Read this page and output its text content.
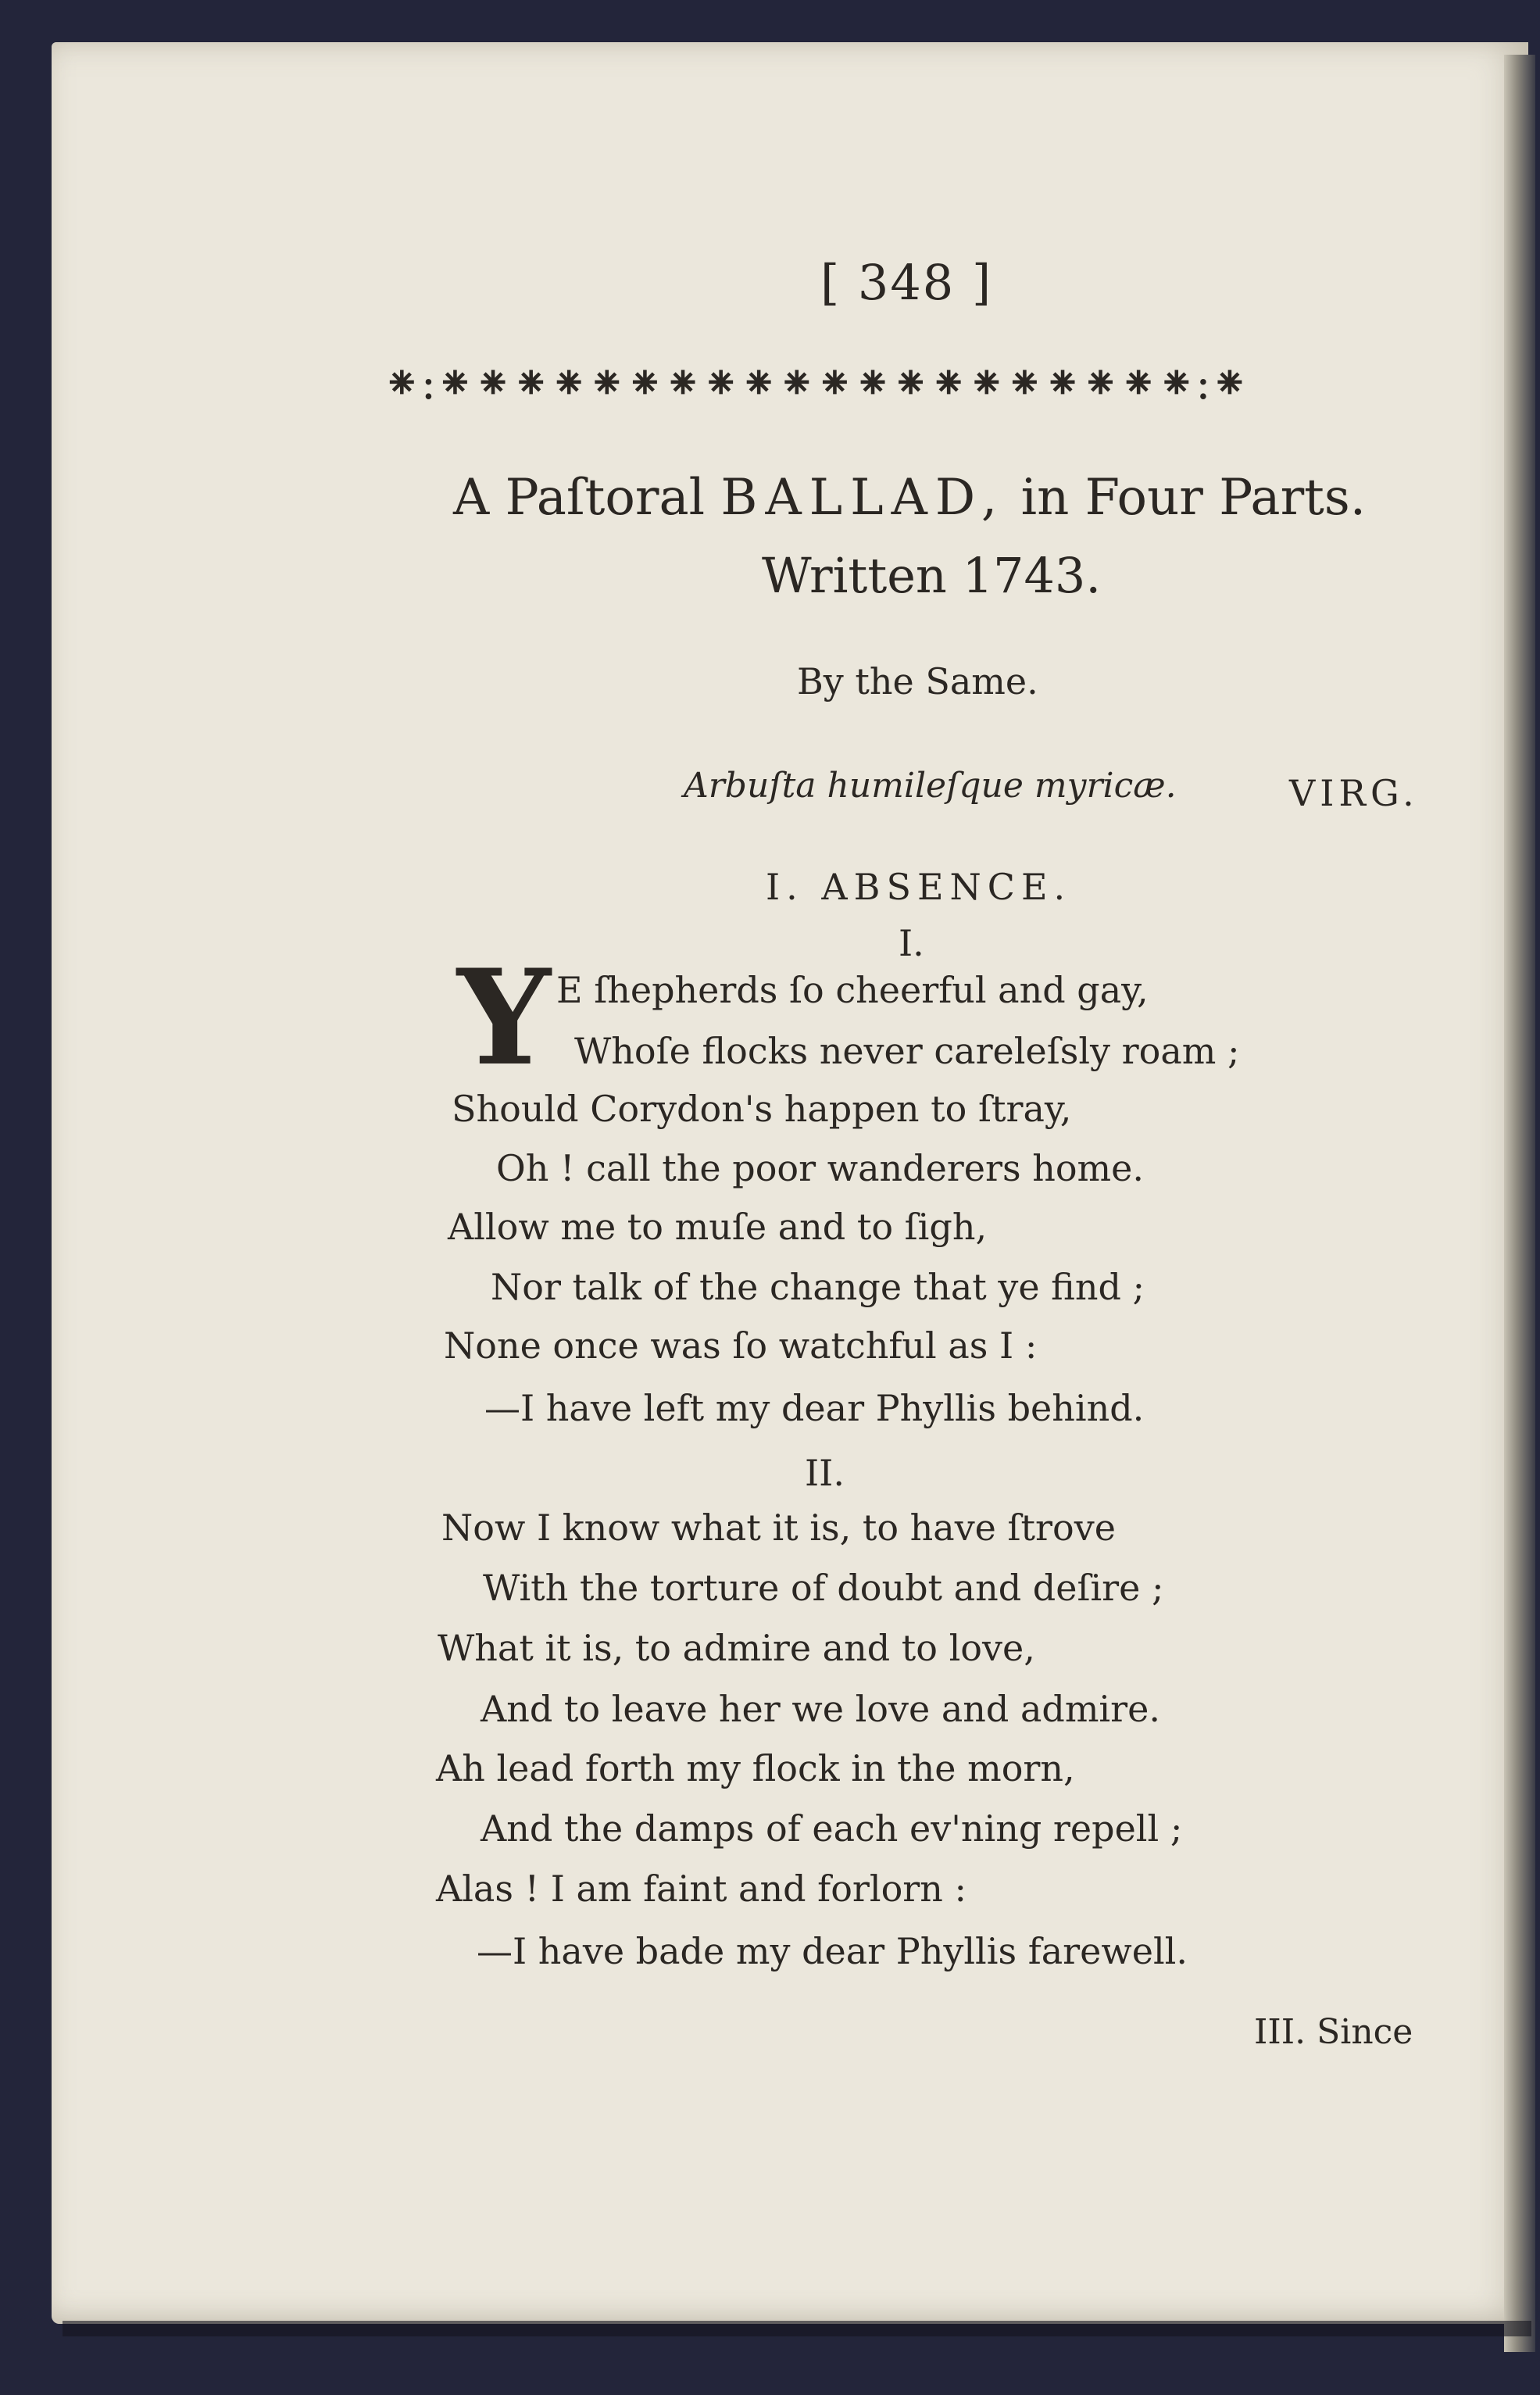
[ 348 ]
⁕:⁕⁕⁕⁕⁕⁕⁕⁕⁕⁕⁕⁕⁕⁕⁕⁕⁕⁕⁕⁕:⁕
A Paſtoral BALLAD, in Four Parts.
Written 1743.
By the Same.
Arbuſta humileſque myricæ.	VIRG.
I. ABSENCE.
I.
Y E ſhepherds ſo cheerful and gay,
Whoſe flocks never careleſsly roam ;
Should Corydon's happen to ſtray,
Oh ! call the poor wanderers home.
Allow me to muſe and to ſigh,
Nor talk of the change that ye find ;
None once was ſo watchful as I :
—I have left my dear Phyllis behind.
II.
Now I know what it is, to have ſtrove
With the torture of doubt and deſire ;
What it is, to admire and to love,
And to leave her we love and admire.
Ah lead forth my flock in the morn,
And the damps of each ev'ning repell ;
Alas ! I am faint and forlorn :
—I have bade my dear Phyllis farewell.
III. Since
